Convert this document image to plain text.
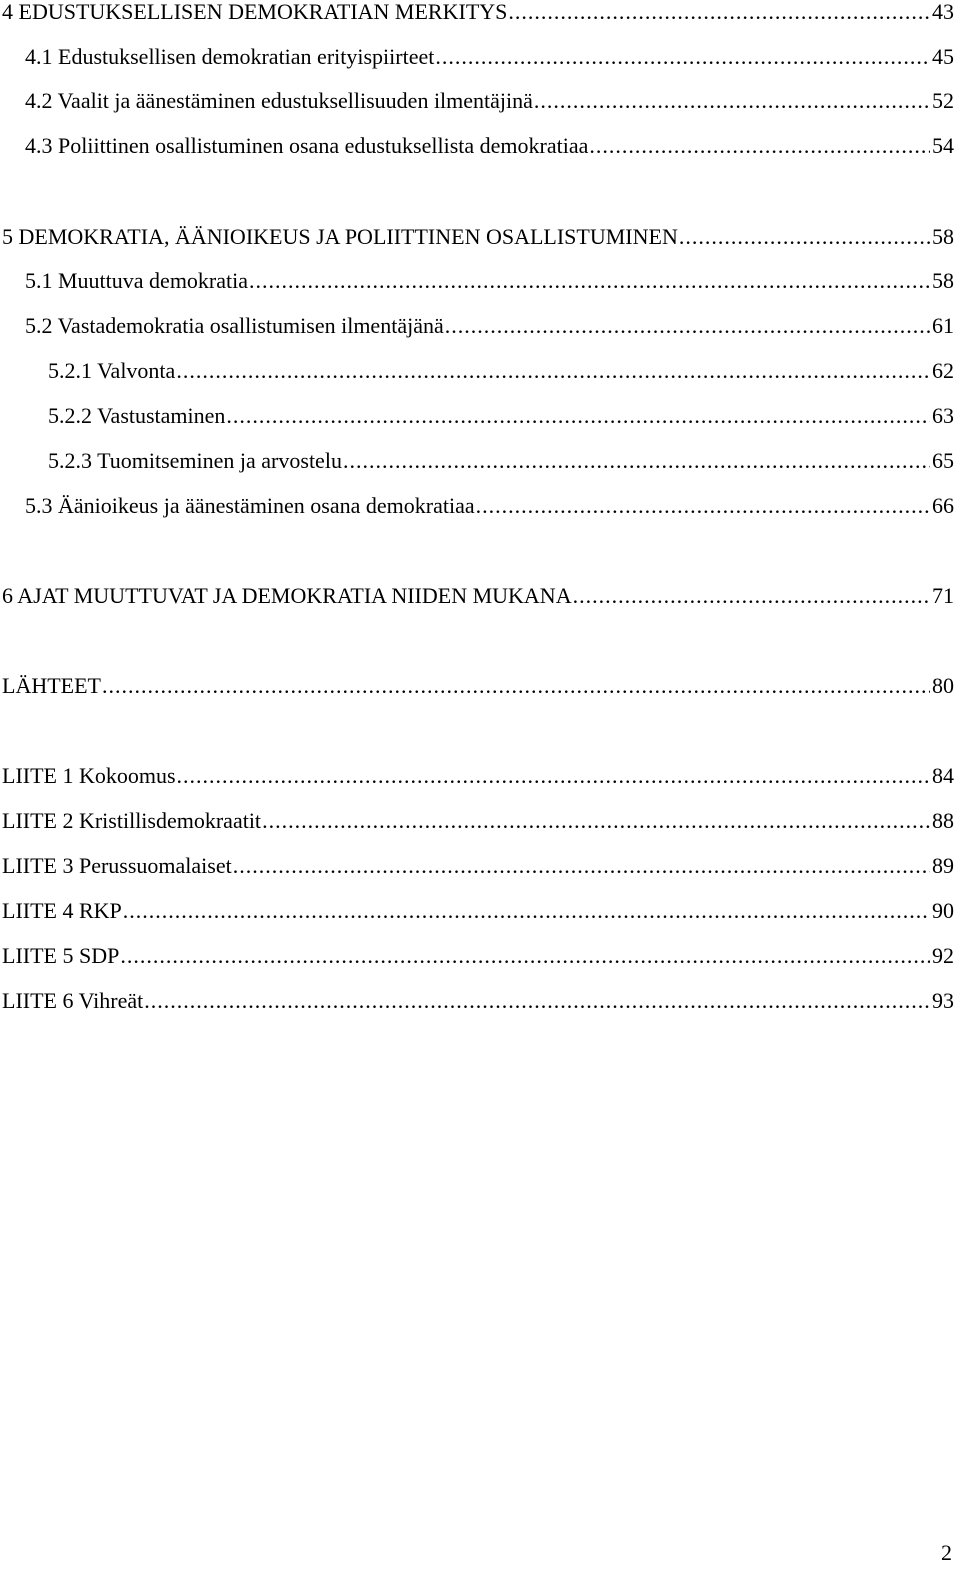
4 EDUSTUKSELLISEN DEMOKRATIAN MERKITYS .....	43
4.1 Edustuksellisen demokratian erityispiirteet .....	45
4.2 Vaalit ja äänestäminen edustuksellisuuden ilmentäjinä .....	52
4.3 Poliittinen osallistuminen osana edustuksellista demokratiaa .....	54
5 DEMOKRATIA, ÄÄNIOIKEUS JA POLIITTINEN OSALLISTUMINEN .....	58
5.1 Muuttuva demokratia .....	58
5.2 Vastademokratia osallistumisen ilmentäjänä .....	61
5.2.1 Valvonta .....	62
5.2.2 Vastustaminen .....	63
5.2.3 Tuomitseminen ja arvostelu .....	65
5.3 Äänioikeus ja äänestäminen osana demokratiaa .....	66
6 AJAT MUUTTUVAT JA DEMOKRATIA NIIDEN MUKANA .....	71
LÄHTEET .....	80
LIITE 1 Kokoomus .....	84
LIITE 2 Kristillisdemokraatit .....	88
LIITE 3 Perussuomalaiset .....	89
LIITE 4 RKP .....	90
LIITE 5 SDP .....	92
LIITE 6 Vihreät .....	93
2
